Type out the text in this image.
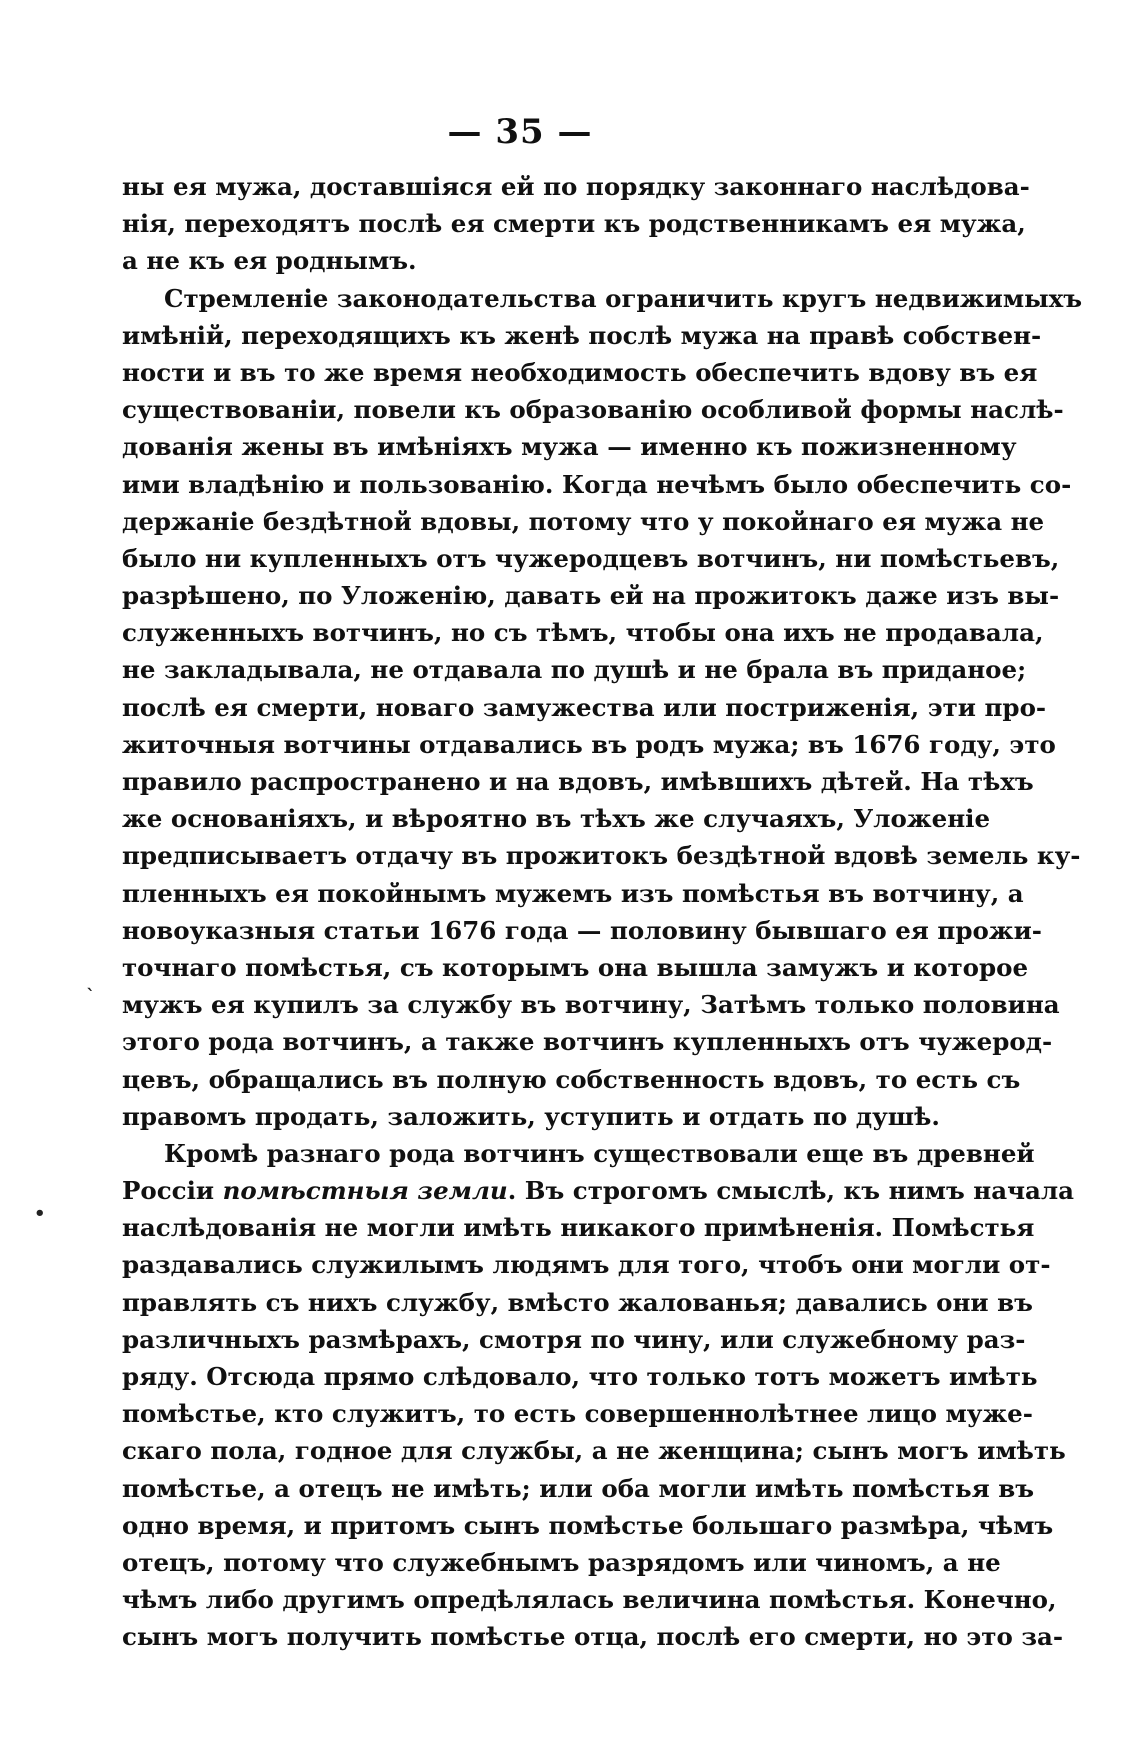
— 35 —
ны ея мужа, доставшіяся ей по порядку законнаго наслѣдова-
нія, переходятъ послѣ ея смерти къ родственникамъ ея мужа,
а не къ ея роднымъ.
Стремленіе законодательства ограничить кругъ недвижимыхъ
имѣній, переходящихъ къ женѣ послѣ мужа на правѣ собствен-
ности и въ то же время необходимость обеспечить вдову въ ея
существованіи, повели къ образованію особливой формы наслѣ-
дованія жены въ имѣніяхъ мужа — именно къ пожизненному
ими владѣнію и пользованію. Когда нечѣмъ было обеспечить со-
держаніе бездѣтной вдовы, потому что у покойнаго ея мужа не
было ни купленныхъ отъ чужеродцевъ вотчинъ, ни помѣстьевъ,
разрѣшено, по Уложенію, давать ей на прожитокъ даже изъ вы-
служенныхъ вотчинъ, но съ тѣмъ, чтобы она ихъ не продавала,
не закладывала, не отдавала по душѣ и не брала въ приданое;
послѣ ея смерти, новаго замужества или постриженія, эти про-
житочныя вотчины отдавались въ родъ мужа; въ 1676 году, это
правило распространено и на вдовъ, имѣвшихъ дѣтей. На тѣхъ
же основаніяхъ, и вѣроятно въ тѣхъ же случаяхъ, Уложеніе
предписываетъ отдачу въ прожитокъ бездѣтной вдовѣ земель ку-
пленныхъ ея покойнымъ мужемъ изъ помѣстья въ вотчину, а
новоуказныя статьи 1676 года — половину бывшаго ея прожи-
точнаго помѣстья, съ которымъ она вышла замужъ и которое
мужъ ея купилъ за службу въ вотчину, Затѣмъ только половина
этого рода вотчинъ, а также вотчинъ купленныхъ отъ чужерод-
цевъ, обращались въ полную собственность вдовъ, то есть съ
правомъ продать, заложить, уступить и отдать по душѣ.
Кромѣ разнаго рода вотчинъ существовали еще въ древней
Россіи помѣстныя земли. Въ строгомъ смыслѣ, къ нимъ начала
наслѣдованія не могли имѣть никакого примѣненія. Помѣстья
раздавались служилымъ людямъ для того, чтобъ они могли от-
правлять съ нихъ службу, вмѣсто жалованья; давались они въ
различныхъ размѣрахъ, смотря по чину, или служебному раз-
ряду. Отсюда прямо слѣдовало, что только тотъ можетъ имѣть
помѣстье, кто служитъ, то есть совершеннолѣтнее лицо муже-
скаго пола, годное для службы, а не женщина; сынъ могъ имѣть
помѣстье, а отецъ не имѣть; или оба могли имѣть помѣстья въ
одно время, и притомъ сынъ помѣстье большаго размѣра, чѣмъ
отецъ, потому что служебнымъ разрядомъ или чиномъ, а не
чѣмъ либо другимъ опредѣлялась величина помѣстья. Конечно,
сынъ могъ получить помѣстье отца, послѣ его смерти, но это за-
`
•
